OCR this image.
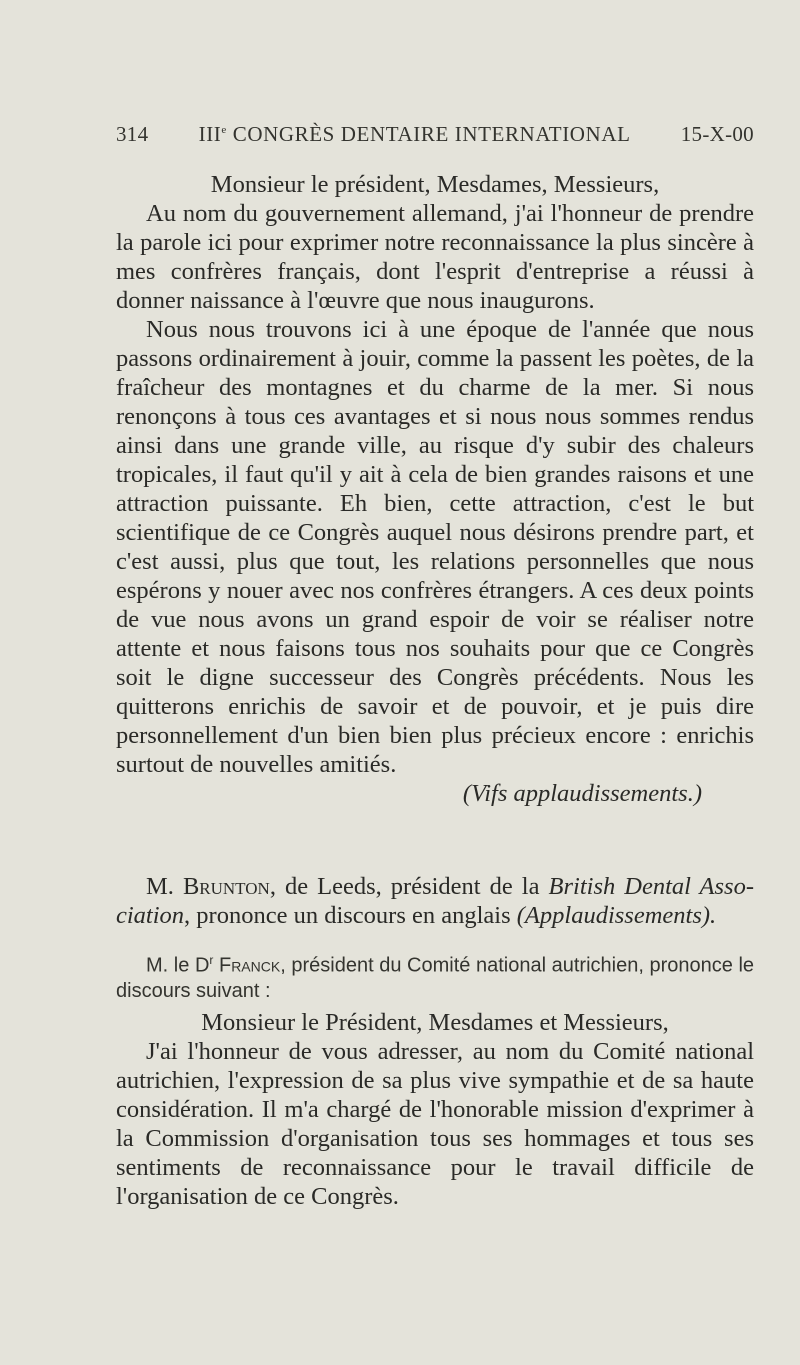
314 IIIe CONGRÈS DENTAIRE INTERNATIONAL 15-X-00

Monsieur le président, Mesdames, Messieurs,

Au nom du gouvernement allemand, j'ai l'honneur de prendre la parole ici pour exprimer notre reconnaissance la plus sincère à mes confrères français, dont l'esprit d'entreprise a réussi à donner naissance à l'œuvre que nous inaugurons.

Nous nous trouvons ici à une époque de l'année que nous passons ordinairement à jouir, comme la passent les poètes, de la fraîcheur des montagnes et du charme de la mer. Si nous renonçons à tous ces avantages et si nous nous sommes rendus ainsi dans une grande ville, au risque d'y subir des chaleurs tropicales, il faut qu'il y ait à cela de bien grandes raisons et une attraction puissante. Eh bien, cette attraction, c'est le but scientifique de ce Congrès auquel nous désirons prendre part, et c'est aussi, plus que tout, les relations personnelles que nous espérons y nouer avec nos confrères étrangers. A ces deux points de vue nous avons un grand espoir de voir se réaliser notre attente et nous faisons tous nos souhaits pour que ce Congrès soit le digne successeur des Congrès précédents. Nous les quitterons enrichis de savoir et de pouvoir, et je puis dire personnellement d'un bien bien plus précieux encore : enrichis surtout de nouvelles amitiés.

(Vifs applaudissements.)

M. Brunton, de Leeds, président de la British Dental Association, prononce un discours en anglais (Applaudissements).

M. le $D^r$ Franck, président du Comité national autrichien, prononce le discours suivant :

Monsieur le Président, Mesdames et Messieurs,

J'ai l'honneur de vous adresser, au nom du Comité national autrichien, l'expression de sa plus vive sympathie et de sa haute considération. Il m'a chargé de l'honorable mission d'exprimer à la Commission d'organisation tous ses hommages et tous ses sentiments de reconnaissance pour le travail difficile de l'organisation de ce Congrès.
